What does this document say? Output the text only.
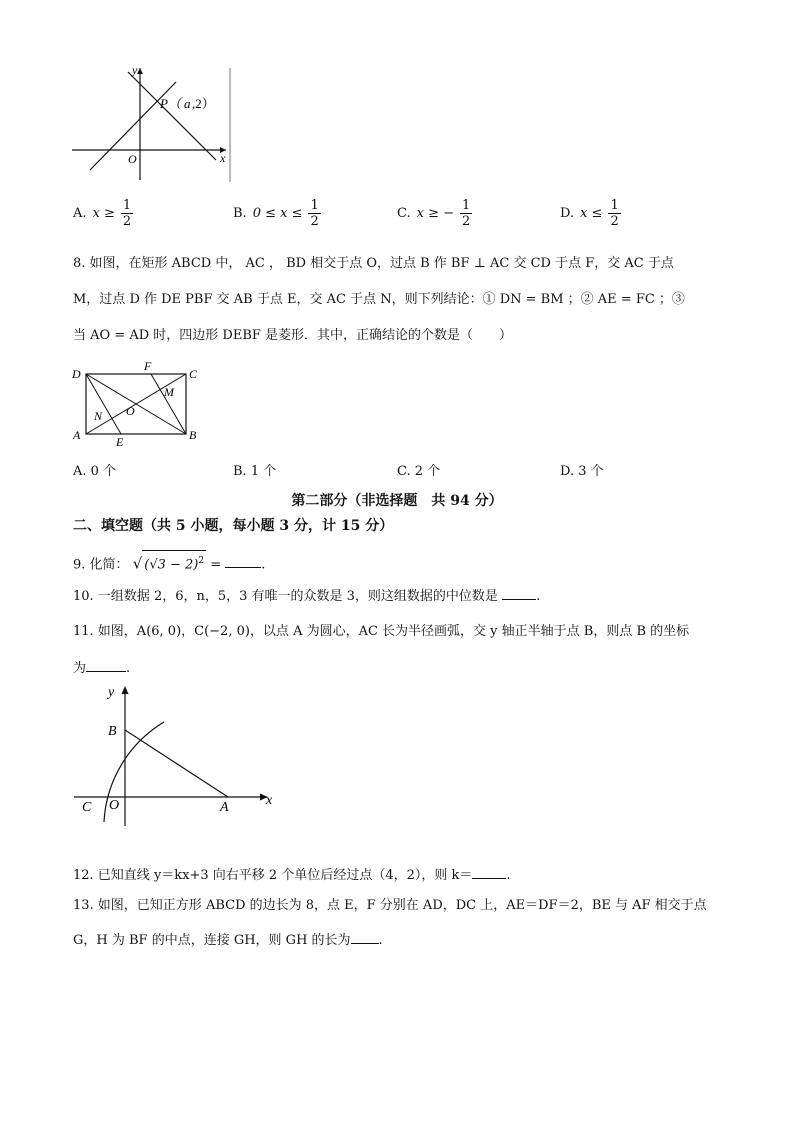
y
x
O
P（ a ,2）
A. $x \ge \frac{1}{2}$	B. $0 \le x \le \frac{1}{2}$	C. x ≥ − $\frac{1}{2}$	D. $x \le \frac{1}{2}$
8. 如图，在矩形 ABCD 中， AC ， BD 相交于点 O，过点 B 作 BF ⊥ AC 交 CD 于点 F，交 AC 于点
M，过点 D 作 DE PBF 交 AB 于点 E，交 AC 于点 N，则下列结论：① DN = BM ；② AE = FC ；③
当 AO = AD 时，四边形 DEBF 是菱形．其中，正确结论的个数是（　　）
D	C
A	B
F
E
M
N O
A. 0 个	B. 1 个	C. 2 个	D. 3 个
第二部分（非选择题　共 94 分）
二、填空题（共 5 小题，每小题 3 分，计 15 分）
9. 化简： √ $(√3 - 2)^2$ =	.
10. 一组数据 2，6，n，5，3 有唯一的众数是 3，则这组数据的中位数是	.
11. 如图，A(6, 0)，C(−2, 0)，以点 A 为圆心，AC 长为半径画弧，交 y 轴正半轴于点 B，则点 B 的坐标
为	.
y
x
B
C O	A
12. 已知直线 y＝kx+3 向右平移 2 个单位后经过点（4，2），则 k＝	.
13. 如图，已知正方形 ABCD 的边长为 8，点 E，F 分别在 AD，DC 上，AE＝DF＝2，BE 与 AF 相交于点
G，H 为 BF 的中点，连接 GH，则 GH 的长为 .
